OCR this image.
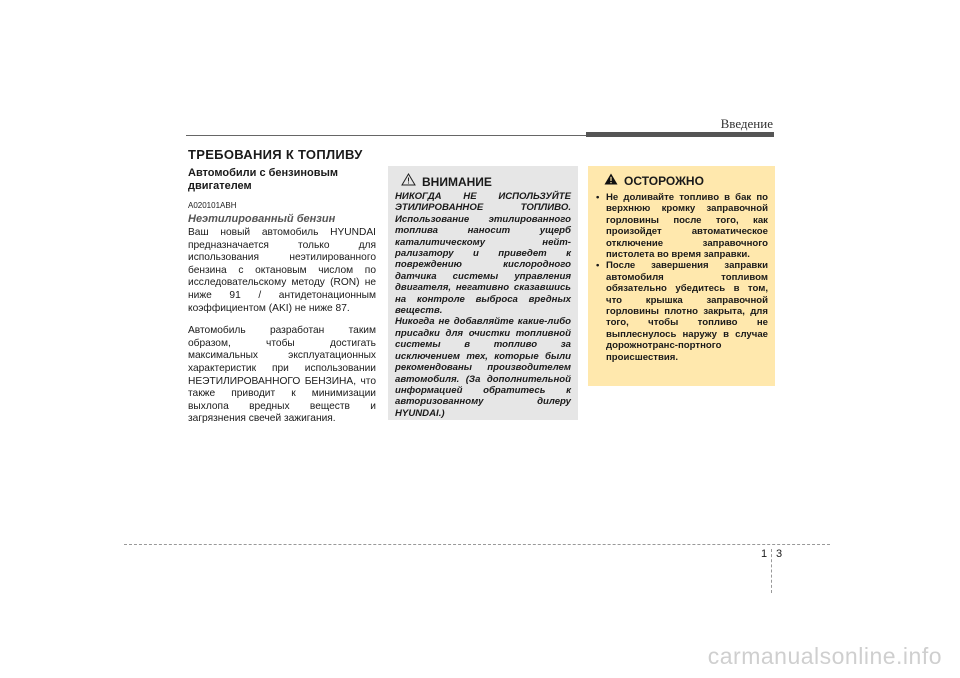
Введение
ТРЕБОВАНИЯ К ТОПЛИВУ

Автомобили с бензиновым двигателем

A020101ABH
Неэтилированный бензин

Ваш новый автомобиль HYUNDAI предназначается только для использования неэтилированного бензина с октановым числом по исследовательскому методу (RON) не ниже 91 / антидетонационным коэффициентом (AKI) не ниже 87.

Автомобиль разработан таким образом, чтобы достигать максимальных эксплуатационных характеристик при использовании НЕЭТИЛИРОВАННОГО БЕНЗИНА, что также приводит к минимизации выхлопа вредных веществ и загрязнения свечей зажигания.

ВНИМАНИЕ
НИКОГДА НЕ ИСПОЛЬЗУЙТЕ ЭТИЛИРОВАННОЕ ТОПЛИВО. Использование этилированного топлива наносит ущерб каталитическому нейт-рализатору и приведет к повреждению кислородного датчика системы управления двигателя, негативно сказавшись на контроле выброса вредных веществ.
Никогда не добавляйте какие-либо присадки для очистки топливной системы в топливо за исключением тех, которые были рекомендованы производителем автомобиля. (За дополнительной информацией обратитесь к авторизованному дилеру HYUNDAI.)
ОСТОРОЖНО
• Не доливайте топливо в бак по верхнюю кромку заправочной горловины после того, как произойдет автоматическое отключение заправочного пистолета во время заправки.
• После завершения заправки автомобиля топливом обязательно убедитесь в том, что крышка заправочной горловины плотно закрыта, для того, чтобы топливо не выплеснулось наружу в случае дорожнотранс-портного происшествия.
1 3
carmanualsonline.info
